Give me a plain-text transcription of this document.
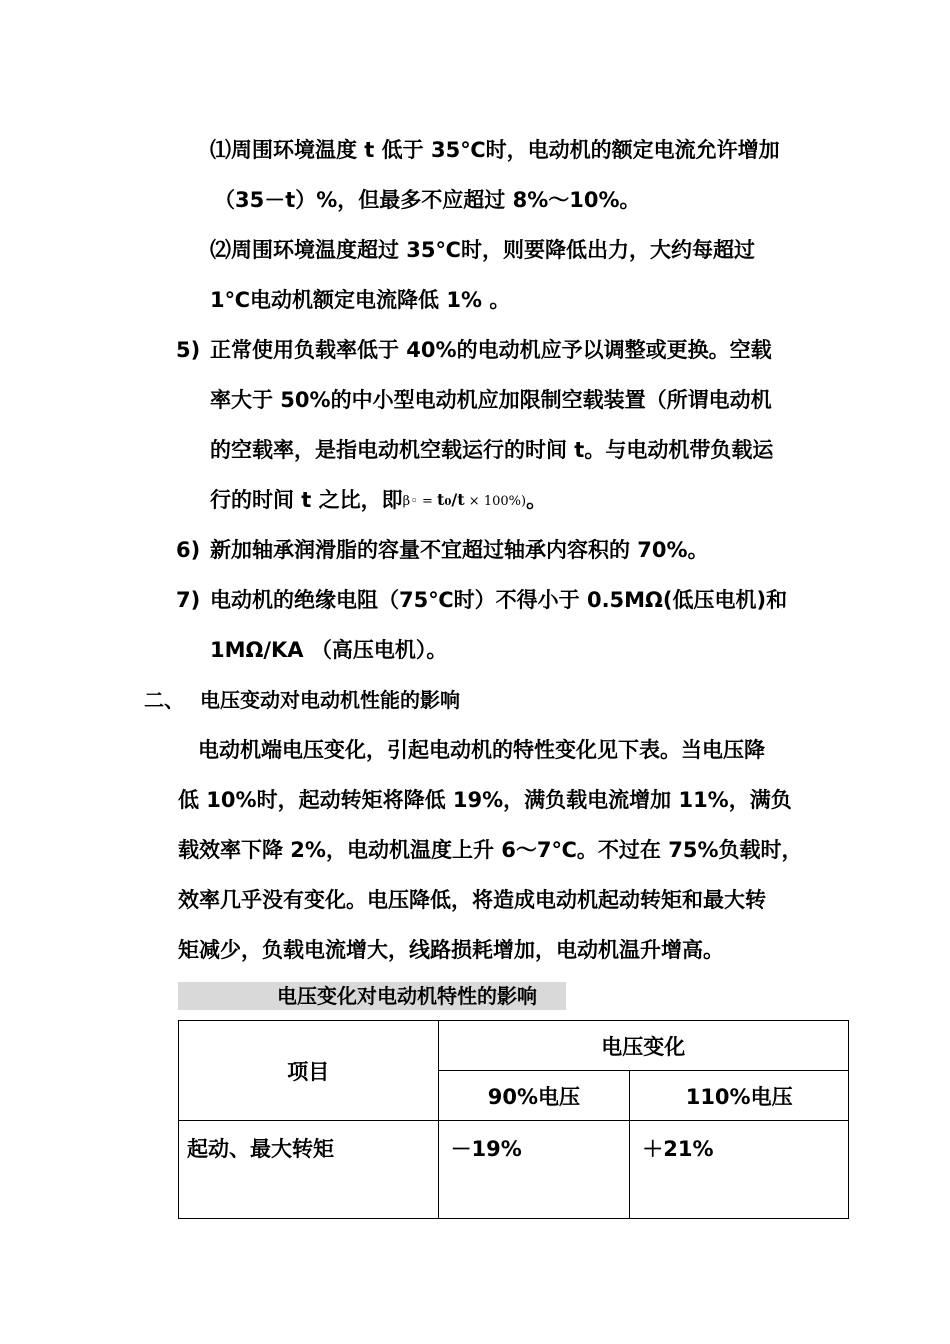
⑴周围环境温度 t 低于 35℃时，电动机的额定电流允许增加
（35－t）%，但最多不应超过 8%～10%。
⑵周围环境温度超过 35℃时，则要降低出力，大约每超过
1℃电动机额定电流降低 1% 。
5) 正常使用负载率低于 40%的电动机应予以调整或更换。空载
率大于 50%的中小型电动机应加限制空载装置（所谓电动机
的空载率，是指电动机空载运行的时间 t。与电动机带负载运
行的时间 t 之比，即β◦ = t₀/t × 100%)。
6) 新加轴承润滑脂的容量不宜超过轴承内容积的 70%。
7) 电动机的绝缘电阻（75℃时）不得小于 0.5MΩ(低压电机)和
1MΩ/KA （高压电机）。
二、 电压变动对电动机性能的影响
电动机端电压变化，引起电动机的特性变化见下表。当电压降
低 10%时，起动转矩将降低 19%，满负载电流增加 11%，满负
载效率下降 2%，电动机温度上升 6～7℃。不过在 75%负载时，
效率几乎没有变化。电压降低，将造成电动机起动转矩和最大转
矩减少，负载电流增大，线路损耗增加，电动机温升增高。
电压变化对电动机特性的影响
项目	电压变化	
	90%电压	110%电压
起动、最大转矩	－19%	＋21%
